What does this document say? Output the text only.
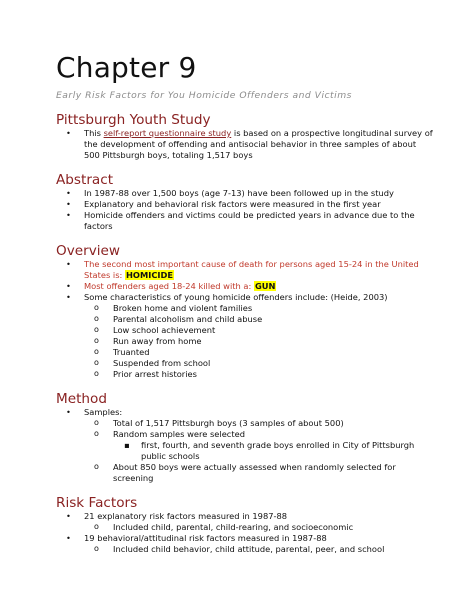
Chapter 9
Early Risk Factors for You Homicide Offenders and Victims
Pittsburgh Youth Study
• This self-report questionnaire study is based on a prospective longitudinal survey of the development of offending and antisocial behavior in three samples of about 500 Pittsburgh boys, totaling 1,517 boys
Abstract
• In 1987-88 over 1,500 boys (age 7-13) have been followed up in the study
• Explanatory and behavioral risk factors were measured in the first year
• Homicide offenders and victims could be predicted years in advance due to the factors
Overview
• The second most important cause of death for persons aged 15-24 in the United States is: HOMICIDE
• Most offenders aged 18-24 killed with a: GUN
• Some characteristics of young homicide offenders include: (Heide, 2003)
o Broken home and violent families
o Parental alcoholism and child abuse
o Low school achievement
o Run away from home
o Truanted
o Suspended from school
o Prior arrest histories
Method
• Samples:
o Total of 1,517 Pittsburgh boys (3 samples of about 500)
o Random samples were selected
▪ first, fourth, and seventh grade boys enrolled in City of Pittsburgh public schools
o About 850 boys were actually assessed when randomly selected for screening
Risk Factors
• 21 explanatory risk factors measured in 1987-88
o Included child, parental, child-rearing, and socioeconomic
• 19 behavioral/attitudinal risk factors measured in 1987-88
o Included child behavior, child attitude, parental, peer, and school
